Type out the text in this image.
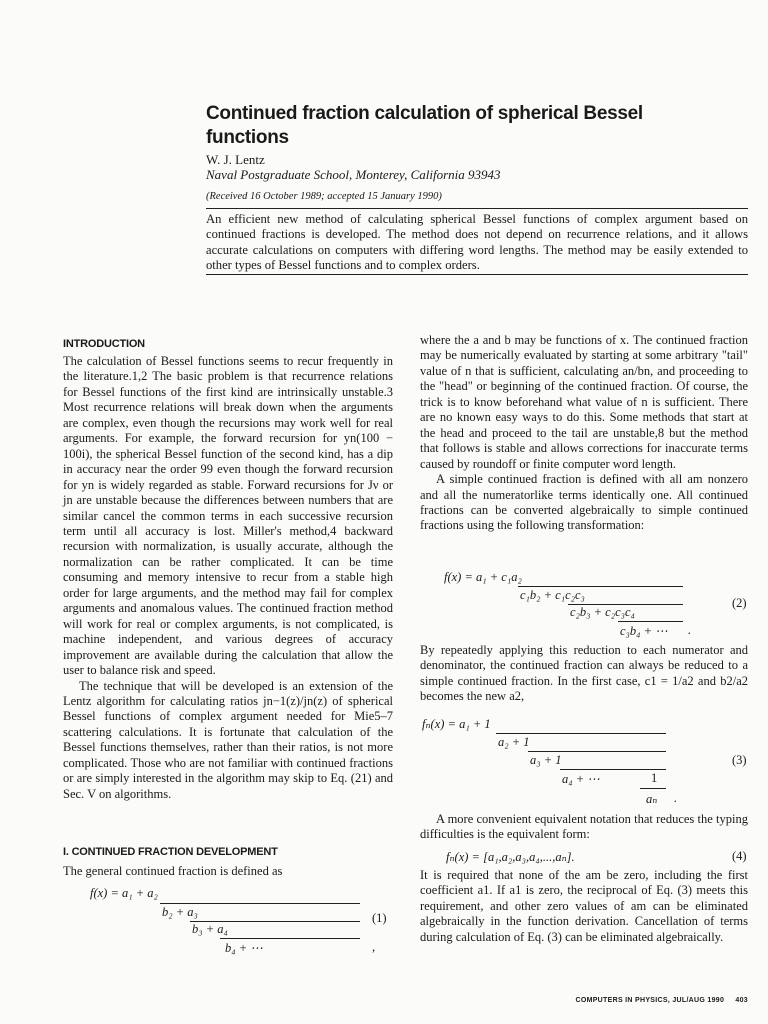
Continued fraction calculation of spherical Bessel functions
W. J. Lentz
Naval Postgraduate School, Monterey, California 93943
(Received 16 October 1989; accepted 15 January 1990)
An efficient new method of calculating spherical Bessel functions of complex argument based on continued fractions is developed. The method does not depend on recurrence relations, and it allows accurate calculations on computers with differing word lengths. The method may be easily extended to other types of Bessel functions and to complex orders.
INTRODUCTION

The calculation of Bessel functions seems to recur frequently in the literature.1,2 The basic problem is that recurrence relations for Bessel functions of the first kind are intrinsically unstable.3 Most recurrence relations will break down when the arguments are complex, even though the recursions may work well for real arguments. For example, the forward recursion for yn(100 − 100i), the spherical Bessel function of the second kind, has a dip in accuracy near the order 99 even though the forward recursion for yn is widely regarded as stable. Forward recursions for Jν or jn are unstable because the differences between numbers that are similar cancel the common terms in each successive recursion term until all accuracy is lost. Miller's method,4 backward recursion with normalization, is usually accurate, although the normalization can be rather complicated. It can be time consuming and memory intensive to recur from a stable high order for large arguments, and the method may fail for complex arguments and anomalous values. The continued fraction method will work for real or complex arguments, is not complicated, is machine independent, and various degrees of accuracy improvement are available during the calculation that allow the user to balance risk and speed.

The technique that will be developed is an extension of the Lentz algorithm for calculating ratios jn−1(z)/jn(z) of spherical Bessel functions of complex argument needed for Mie5–7 scattering calculations. It is fortunate that calculation of the Bessel functions themselves, rather than their ratios, is not more complicated. Those who are not familiar with continued fractions or are simply interested in the algorithm may skip to Eq. (21) and Sec. V on algorithms.

I. CONTINUED FRACTION DEVELOPMENT
The general continued fraction is defined as
f(x) = a₁ + a₂
b₂ + a₃
b₃ + a₄
b₄ + ⋯	,
(1)

where the a and b may be functions of x. The continued fraction may be numerically evaluated by starting at some arbitrary "tail" value of n that is sufficient, calculating an/bn, and proceeding to the "head" or beginning of the continued fraction. Of course, the trick is to know beforehand what value of n is sufficient. There are no known easy ways to do this. Some methods that start at the head and proceed to the tail are unstable,8 but the method that follows is stable and allows corrections for inaccurate terms caused by roundoff or finite computer word length.

A simple continued fraction is defined with all am nonzero and all the numeratorlike terms identically one. All continued fractions can be converted algebraically to simple continued fractions using the following transformation:

f(x) = a₁ + c₁a₂
c₁b₂ + c₁c₂c₃
c₂b₃ + c₂c₃c₄
c₃b₄ + ⋯ .
(2)
By repeatedly applying this reduction to each numerator and denominator, the continued fraction can always be reduced to a simple continued fraction. In the first case, c1 = 1/a2 and b2/a2 becomes the new a2,
fₙ(x) = a₁ + 1
a₂ + 1
a₃ + 1
a₄ + ⋯	1
aₙ .
(3)
A more convenient equivalent notation that reduces the typing difficulties is the equivalent form:
fₙ(x) = [a₁,a₂,a₃,a₄,...,aₙ].	(4)
It is required that none of the am be zero, including the first coefficient a1. If a1 is zero, the reciprocal of Eq. (3) meets this requirement, and other zero values of am can be eliminated algebraically in the function derivation. Cancellation of terms during calculation of Eq. (3) can be eliminated algebraically.
COMPUTERS IN PHYSICS, JUL/AUG 1990 403
